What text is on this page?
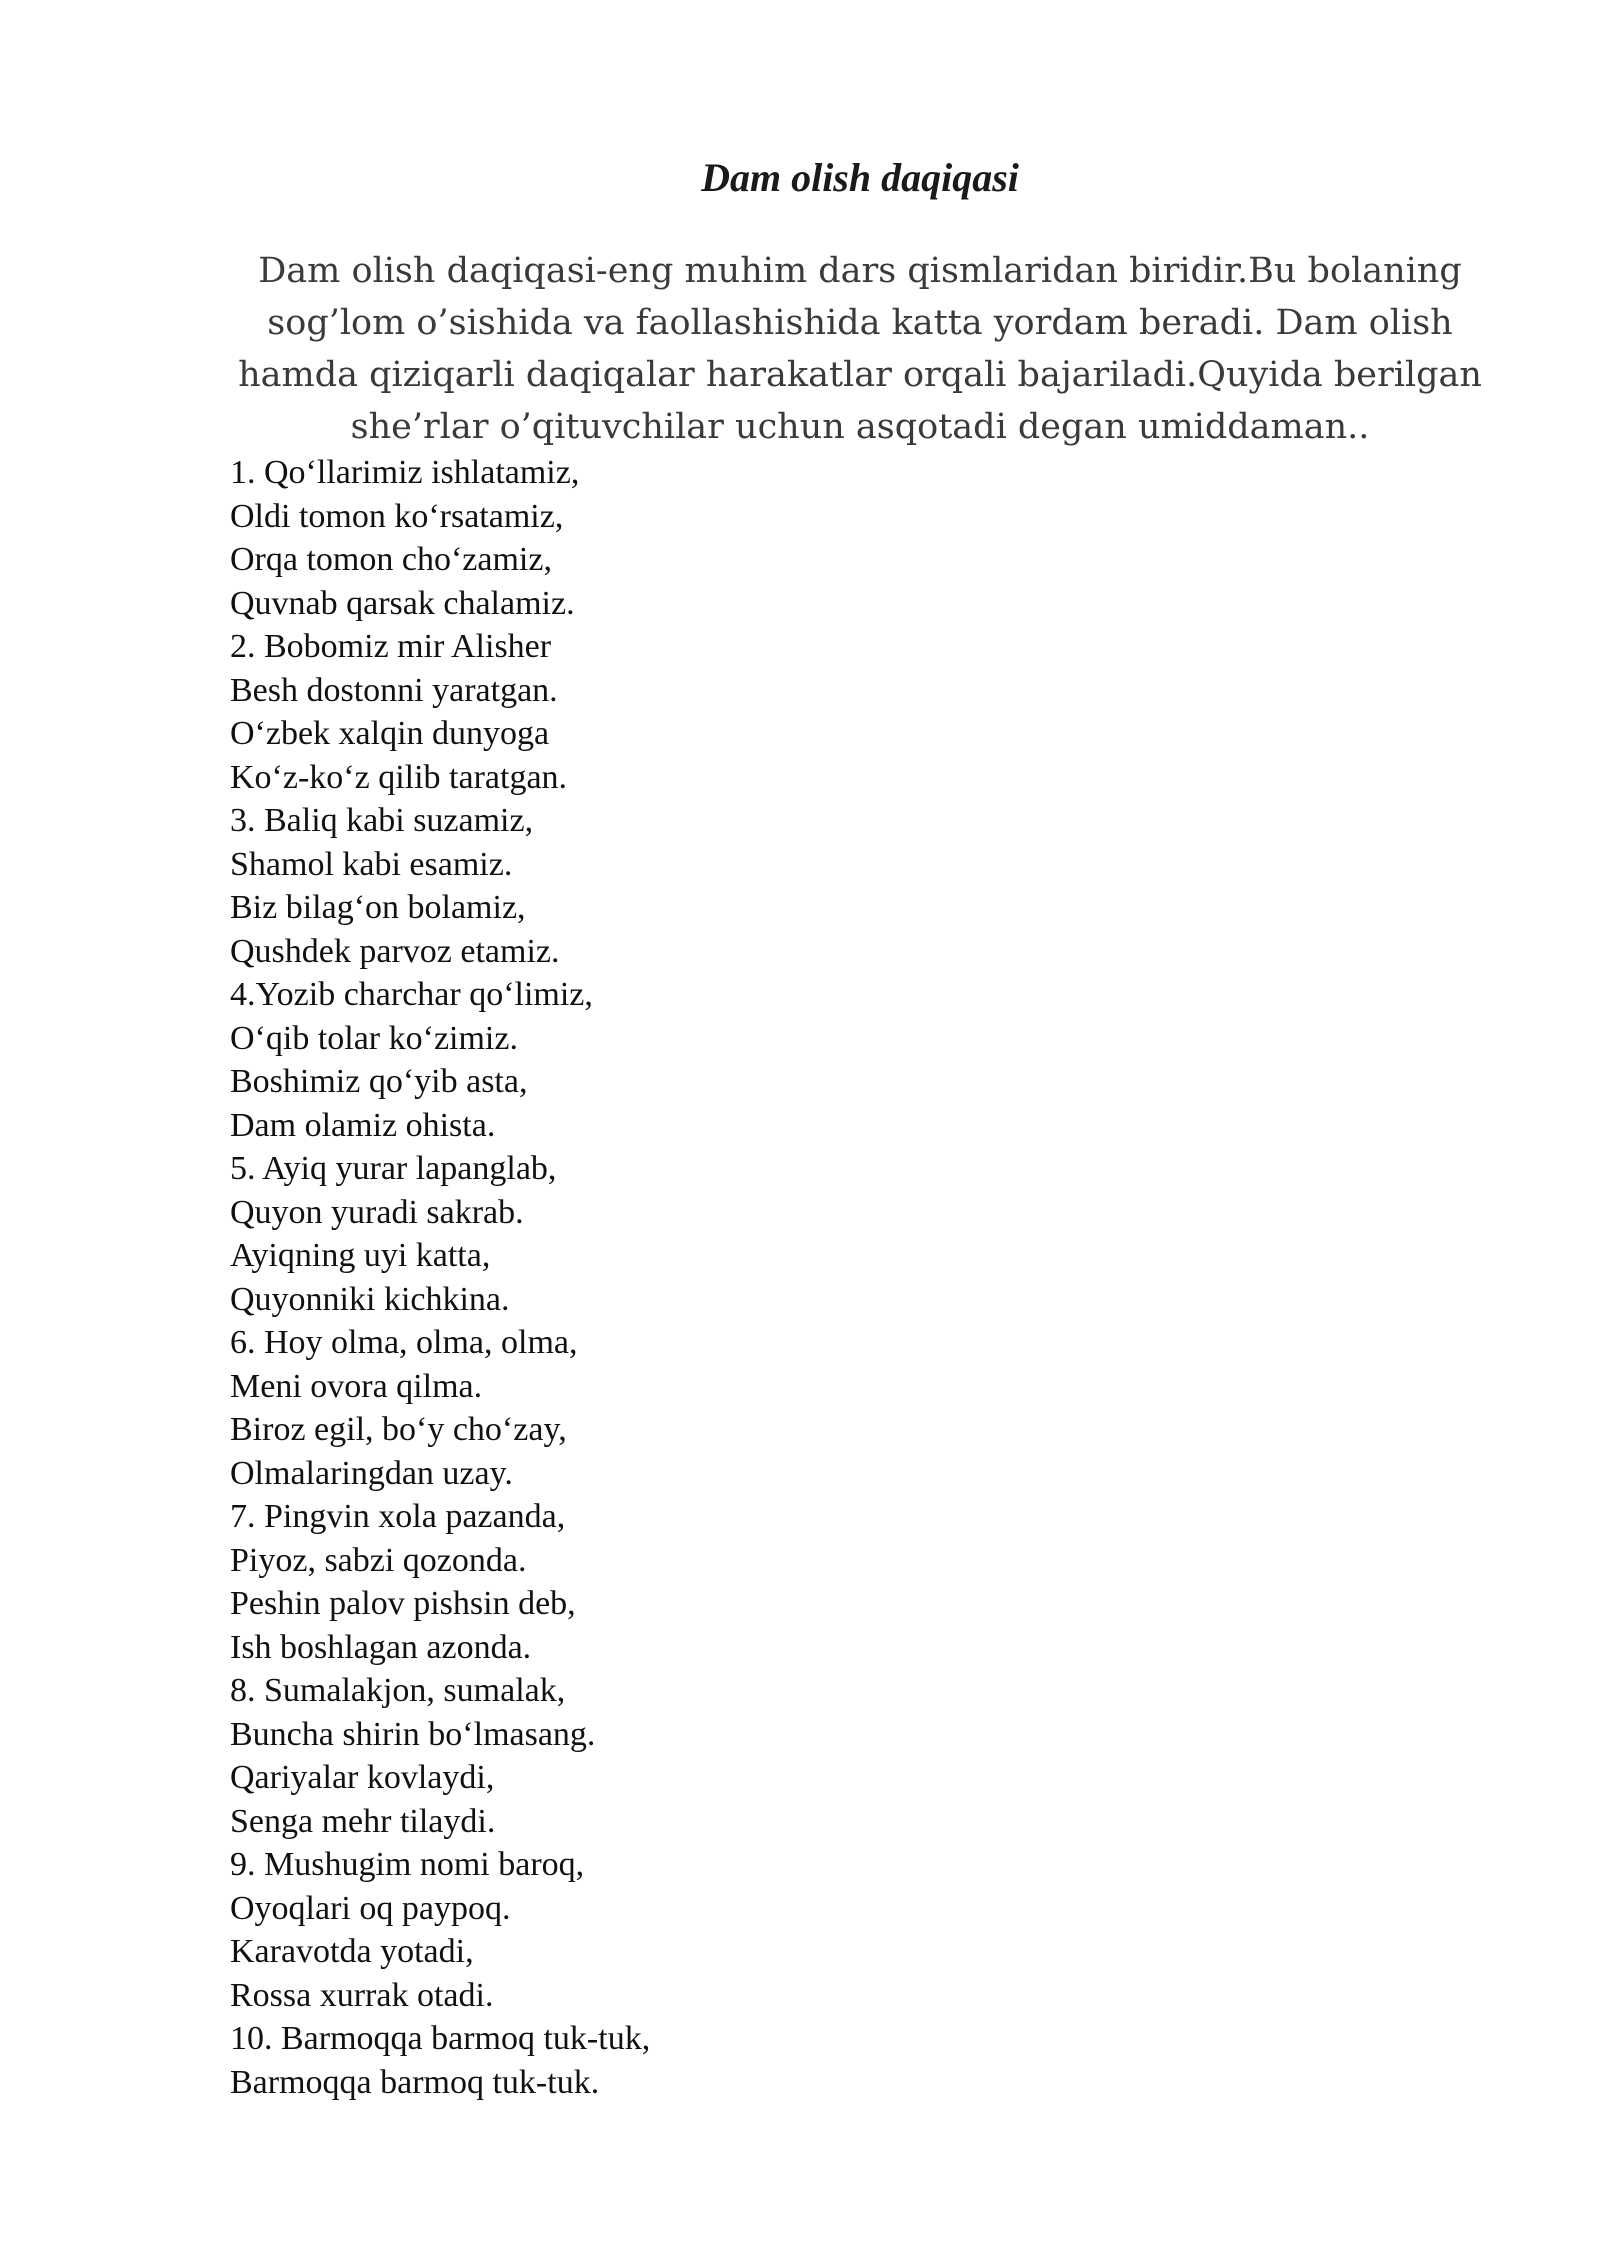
Dam olish daqiqasi

Dam olish daqiqasi-eng muhim dars qismlaridan biridir.Bu bolaning sog’lom o’sishida va faollashishida katta yordam beradi. Dam olish hamda qiziqarli daqiqalar harakatlar orqali bajariladi.Quyida berilgan she’rlar o’qituvchilar uchun asqotadi degan umiddaman..

1. Qo‘llarimiz ishlatamiz,
Oldi tomon ko‘rsatamiz,
Orqa tomon cho‘zamiz,
Quvnab qarsak chalamiz.
2. Bobomiz mir Alisher
Besh dostonni yaratgan.
O‘zbek xalqin dunyoga
Ko‘z-ko‘z qilib taratgan.
3. Baliq kabi suzamiz,
Shamol kabi esamiz.
Biz bilag‘on bolamiz,
Qushdek parvoz etamiz.
4.Yozib charchar qo‘limiz,
O‘qib tolar ko‘zimiz.
Boshimiz qo‘yib asta,
Dam olamiz ohista.
5. Ayiq yurar lapanglab,
Quyon yuradi sakrab.
Ayiqning uyi katta,
Quyonniki kichkina.
6. Hoy olma, olma, olma,
Meni ovora qilma.
Biroz egil, bo‘y cho‘zay,
Olmalaringdan uzay.
7. Pingvin xola pazanda,
Piyoz, sabzi qozonda.
Peshin palov pishsin deb,
Ish boshlagan azonda.
8. Sumalakjon, sumalak,
Buncha shirin bo‘lmasang.
Qariyalar kovlaydi,
Senga mehr tilaydi.
9. Mushugim nomi baroq,
Oyoqlari oq paypoq.
Karavotda yotadi,
Rossa xurrak otadi.
10. Barmoqqa barmoq tuk-tuk,
Barmoqqa barmoq tuk-tuk.
